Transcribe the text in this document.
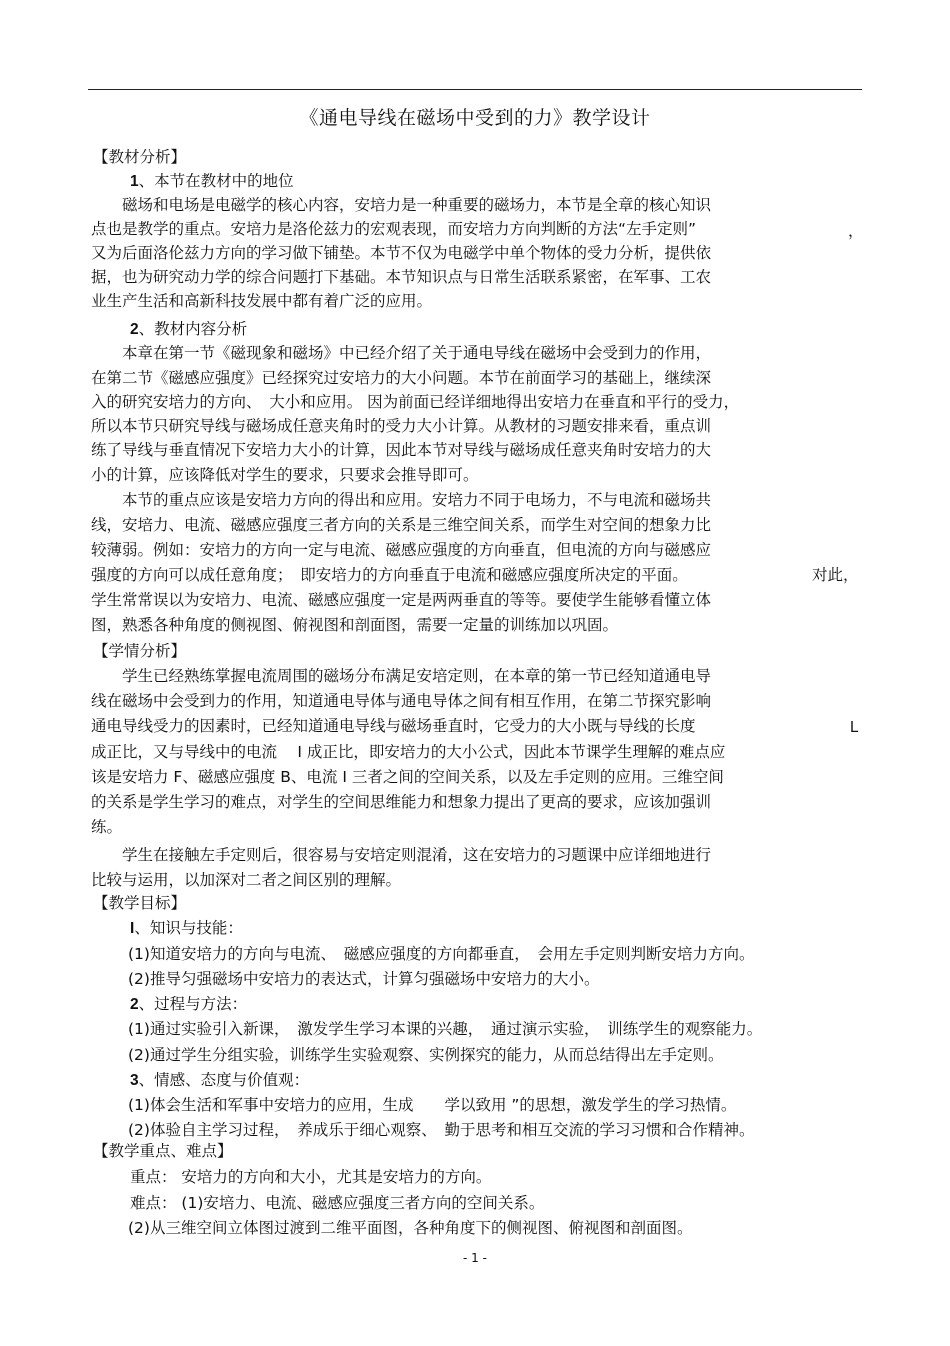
《通电导线在磁场中受到的力》教学设计
【教材分析】
1、本节在教材中的地位
磁场和电场是电磁学的核心内容，安培力是一种重要的磁场力，本节是全章的核心知识
点也是教学的重点。安培力是洛伦兹力的宏观表现，而安培力方向判断的方法“左手定则”	，
又为后面洛伦兹力方向的学习做下铺垫。本节不仅为电磁学中单个物体的受力分析，提供依
据，也为研究动力学的综合问题打下基础。本节知识点与日常生活联系紧密，在军事、工农
业生产生活和高新科技发展中都有着广泛的应用。
2、教材内容分析
本章在第一节《磁现象和磁场》中已经介绍了关于通电导线在磁场中会受到力的作用，
在第二节《磁感应强度》已经探究过安培力的大小问题。本节在前面学习的基础上，继续深
入的研究安培力的方向、　大小和应用。 因为前面已经详细地得出安培力在垂直和平行的受力，
所以本节只研究导线与磁场成任意夹角时的受力大小计算。从教材的习题安排来看，重点训
练了导线与垂直情况下安培力大小的计算，因此本节对导线与磁场成任意夹角时安培力的大
小的计算，应该降低对学生的要求，只要求会推导即可。
本节的重点应该是安培力方向的得出和应用。安培力不同于电场力，不与电流和磁场共
线，安培力、电流、磁感应强度三者方向的关系是三维空间关系，而学生对空间的想象力比
较薄弱。例如：安培力的方向一定与电流、磁感应强度的方向垂直，但电流的方向与磁感应
强度的方向可以成任意角度；　即安培力的方向垂直于电流和磁感应强度所决定的平面。	对此，
学生常常误以为安培力、电流、磁感应强度一定是两两垂直的等等。要使学生能够看懂立体
图，熟悉各种角度的侧视图、俯视图和剖面图，需要一定量的训练加以巩固。
【学情分析】
学生已经熟练掌握电流周围的磁场分布满足安培定则，在本章的第一节已经知道通电导
线在磁场中会受到力的作用，知道通电导体与通电导体之间有相互作用，在第二节探究影响
通电导线受力的因素时，已经知道通电导线与磁场垂直时，它受力的大小既与导线的长度	L
成正比，又与导线中的电流　 I 成正比，即安培力的大小公式，因此本节课学生理解的难点应
该是安培力 F、磁感应强度 B、电流 I 三者之间的空间关系，以及左手定则的应用。三维空间
的关系是学生学习的难点，对学生的空间思维能力和想象力提出了更高的要求，应该加强训
练。
学生在接触左手定则后，很容易与安培定则混淆，这在安培力的习题课中应详细地进行
比较与运用，以加深对二者之间区别的理解。
【教学目标】
I、知识与技能：
(1)知道安培力的方向与电流、　磁感应强度的方向都垂直，　会用左手定则判断安培力方向。
(2)推导匀强磁场中安培力的表达式，计算匀强磁场中安培力的大小。
2、过程与方法：
(1)通过实验引入新课，　激发学生学习本课的兴趣，　通过演示实验，　训练学生的观察能力。
(2)通过学生分组实验，训练学生实验观察、实例探究的能力，从而总结得出左手定则。
3、情感、态度与价值观：
(1)体会生活和军事中安培力的应用，生成　　学以致用 ”的思想，激发学生的学习热情。
(2)体验自主学习过程，　养成乐于细心观察、　勤于思考和相互交流的学习习惯和合作精神。
【教学重点、难点】
重点： 安培力的方向和大小，尤其是安培力的方向。
难点： (1)安培力、电流、磁感应强度三者方向的空间关系。
(2)从三维空间立体图过渡到二维平面图，各种角度下的侧视图、俯视图和剖面图。
- 1 -
